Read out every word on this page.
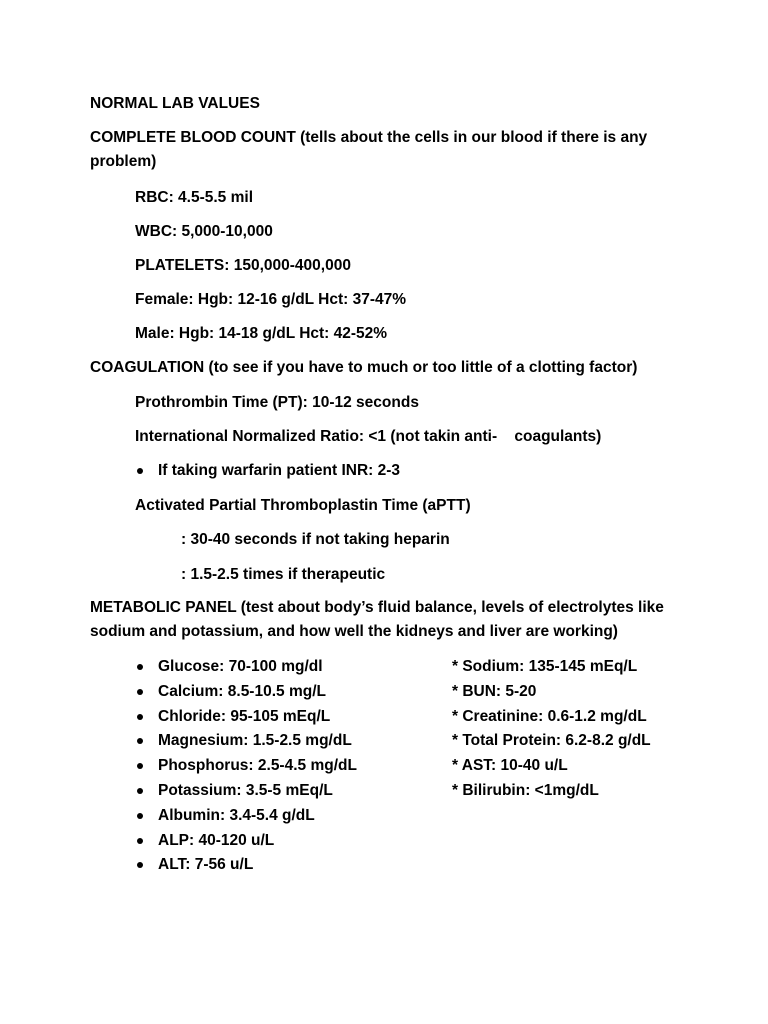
NORMAL LAB VALUES
COMPLETE BLOOD COUNT (tells about the cells in our blood if there is any problem)
RBC: 4.5-5.5 mil
WBC: 5,000-10,000
PLATELETS: 150,000-400,000
Female: Hgb: 12-16 g/dL Hct: 37-47%
Male: Hgb: 14-18 g/dL Hct: 42-52%
COAGULATION (to see if you have to much or too little of a clotting factor)
Prothrombin Time (PT): 10-12 seconds
International Normalized Ratio: <1 (not takin anti-    coagulants)
If taking warfarin patient INR: 2-3
Activated Partial Thromboplastin Time (aPTT)
: 30-40 seconds if not taking heparin
: 1.5-2.5 times if therapeutic
METABOLIC PANEL (test about body’s fluid balance, levels of electrolytes like sodium and potassium, and how well the kidneys and liver are working)
Glucose: 70-100 mg/dl
Calcium: 8.5-10.5 mg/L
Chloride: 95-105 mEq/L
Magnesium: 1.5-2.5 mg/dL
Phosphorus: 2.5-4.5 mg/dL
Potassium: 3.5-5 mEq/L
Albumin: 3.4-5.4 g/dL
ALP: 40-120 u/L
ALT: 7-56 u/L
* Sodium: 135-145 mEq/L
* BUN: 5-20
* Creatinine: 0.6-1.2 mg/dL
* Total Protein: 6.2-8.2 g/dL
* AST: 10-40 u/L
* Bilirubin: <1mg/dL
